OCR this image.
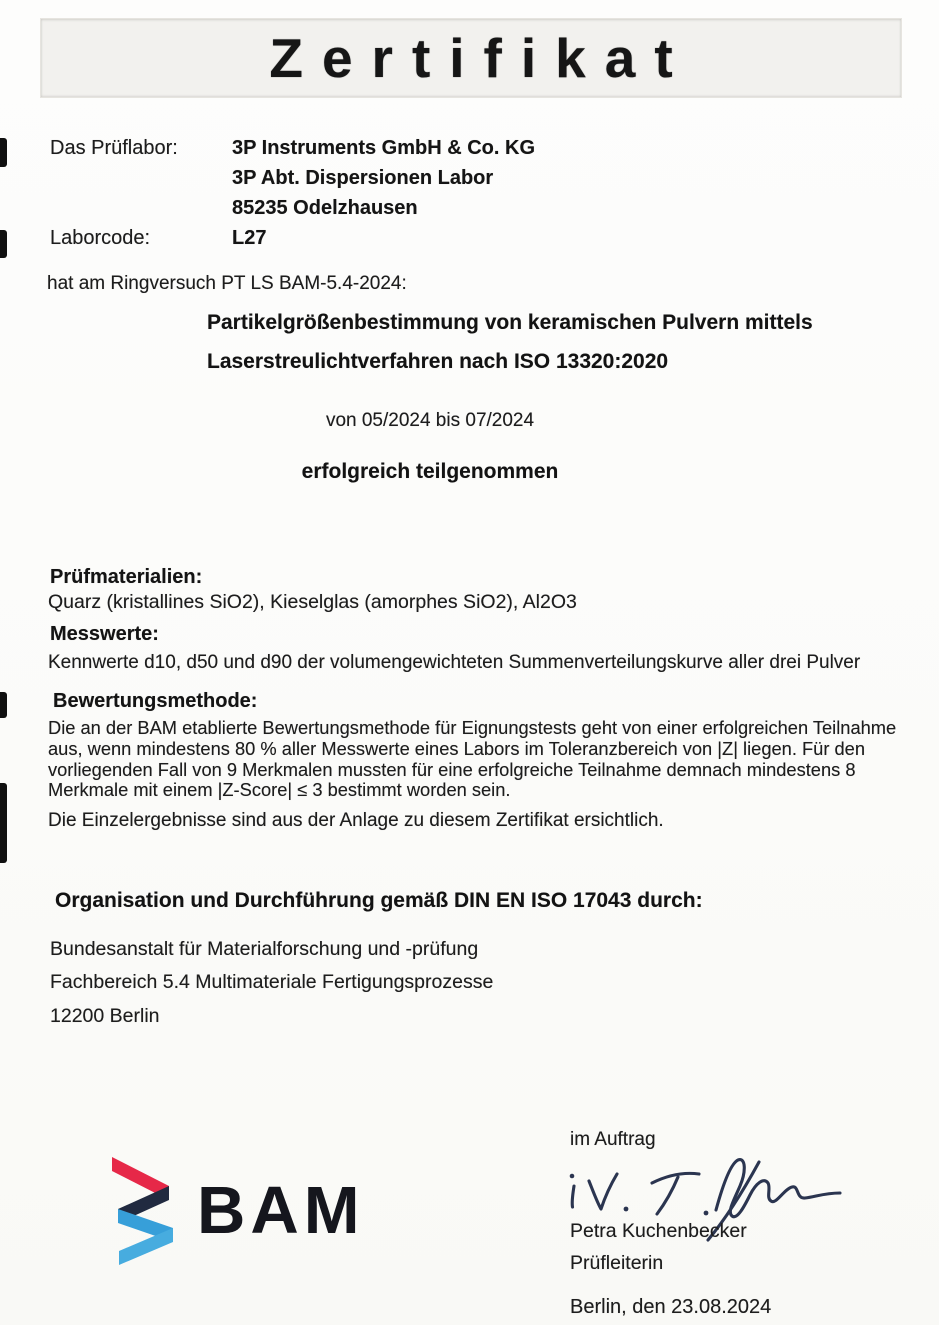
Zertifikat
Das Prüflabor:	3P Instruments GmbH & Co. KG
3P Abt. Dispersionen Labor
85235 Odelzhausen
Laborcode:	L27
hat am Ringversuch PT LS BAM-5.4-2024:
Partikelgrößenbestimmung von keramischen Pulvern mittels
Laserstreulichtverfahren nach ISO 13320:2020
von 05/2024 bis 07/2024
erfolgreich teilgenommen
Prüfmaterialien:
Quarz (kristallines SiO2), Kieselglas (amorphes SiO2), Al2O3
Messwerte:
Kennwerte d10, d50 und d90 der volumengewichteten Summenverteilungskurve aller drei Pulver
Bewertungsmethode:
Die an der BAM etablierte Bewertungsmethode für Eignungstests geht von einer erfolgreichen Teilnahme
aus, wenn mindestens 80 % aller Messwerte eines Labors im Toleranzbereich von |Z| liegen. Für den
vorliegenden Fall von 9 Merkmalen mussten für eine erfolgreiche Teilnahme demnach mindestens 8
Merkmale mit einem |Z-Score| ≤ 3 bestimmt worden sein.
Die Einzelergebnisse sind aus der Anlage zu diesem Zertifikat ersichtlich.
Organisation und Durchführung gemäß DIN EN ISO 17043 durch:
Bundesanstalt für Materialforschung und -prüfung
Fachbereich 5.4 Multimateriale Fertigungsprozesse
12200 Berlin
BAM
im Auftrag
Petra Kuchenbecker
Prüfleiterin
Berlin, den 23.08.2024
